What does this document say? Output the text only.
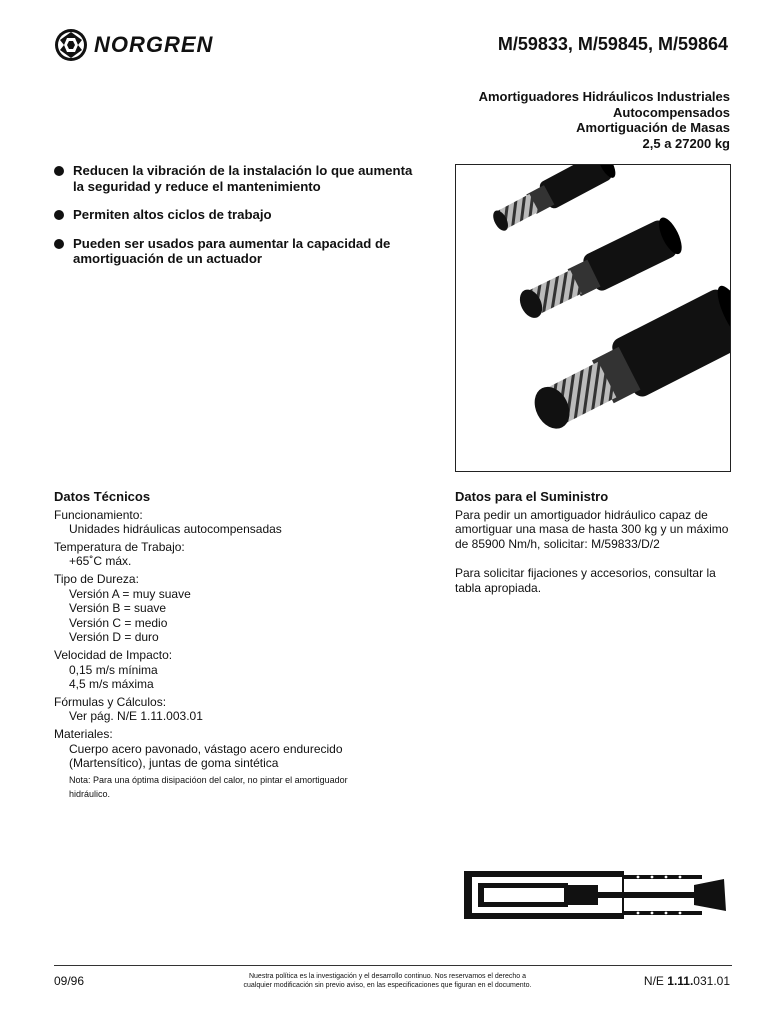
NORGREN	M/59833, M/59845, M/59864
Amortiguadores Hidráulicos Industriales
Autocompensados
Amortiguación de Masas
2,5 a 27200 kg
Reducen la vibración de la instalación lo que aumenta la seguridad y reduce el mantenimiento
Permiten altos ciclos de trabajo
Pueden ser usados para aumentar la capacidad de amortiguación de un actuador
Datos Técnicos
Funcionamiento:
Unidades hidráulicas autocompensadas
Temperatura de Trabajo:
+65˚C máx.
Tipo de Dureza:
Versión A = muy suave
Versión B = suave
Versión C = medio
Versión D = duro
Velocidad de Impacto:
0,15 m/s mínima
4,5 m/s máxima
Fórmulas y Cálculos:
Ver pág. N/E 1.11.003.01
Materiales:
Cuerpo acero pavonado, vástago acero endurecido
(Martensítico), juntas de goma sintética
Nota: Para una óptima disipacióon del calor, no pintar el amortiguador
hidráulico.
Datos para el Suministro

Para pedir un amortiguador hidráulico capaz de
amortiguar una masa de hasta 300 kg y un máximo
de 85900 Nm/h, solicitar: M/59833/D/2

Para solicitar fijaciones y accesorios, consultar la
tabla apropiada.

09/96	Nuestra política es la investigación y el desarrollo continuo. Nos reservamos el derecho a
cualquier modificación sin previo aviso, en las especificaciones que figuran en el documento.	N/E 1.11.031.01
